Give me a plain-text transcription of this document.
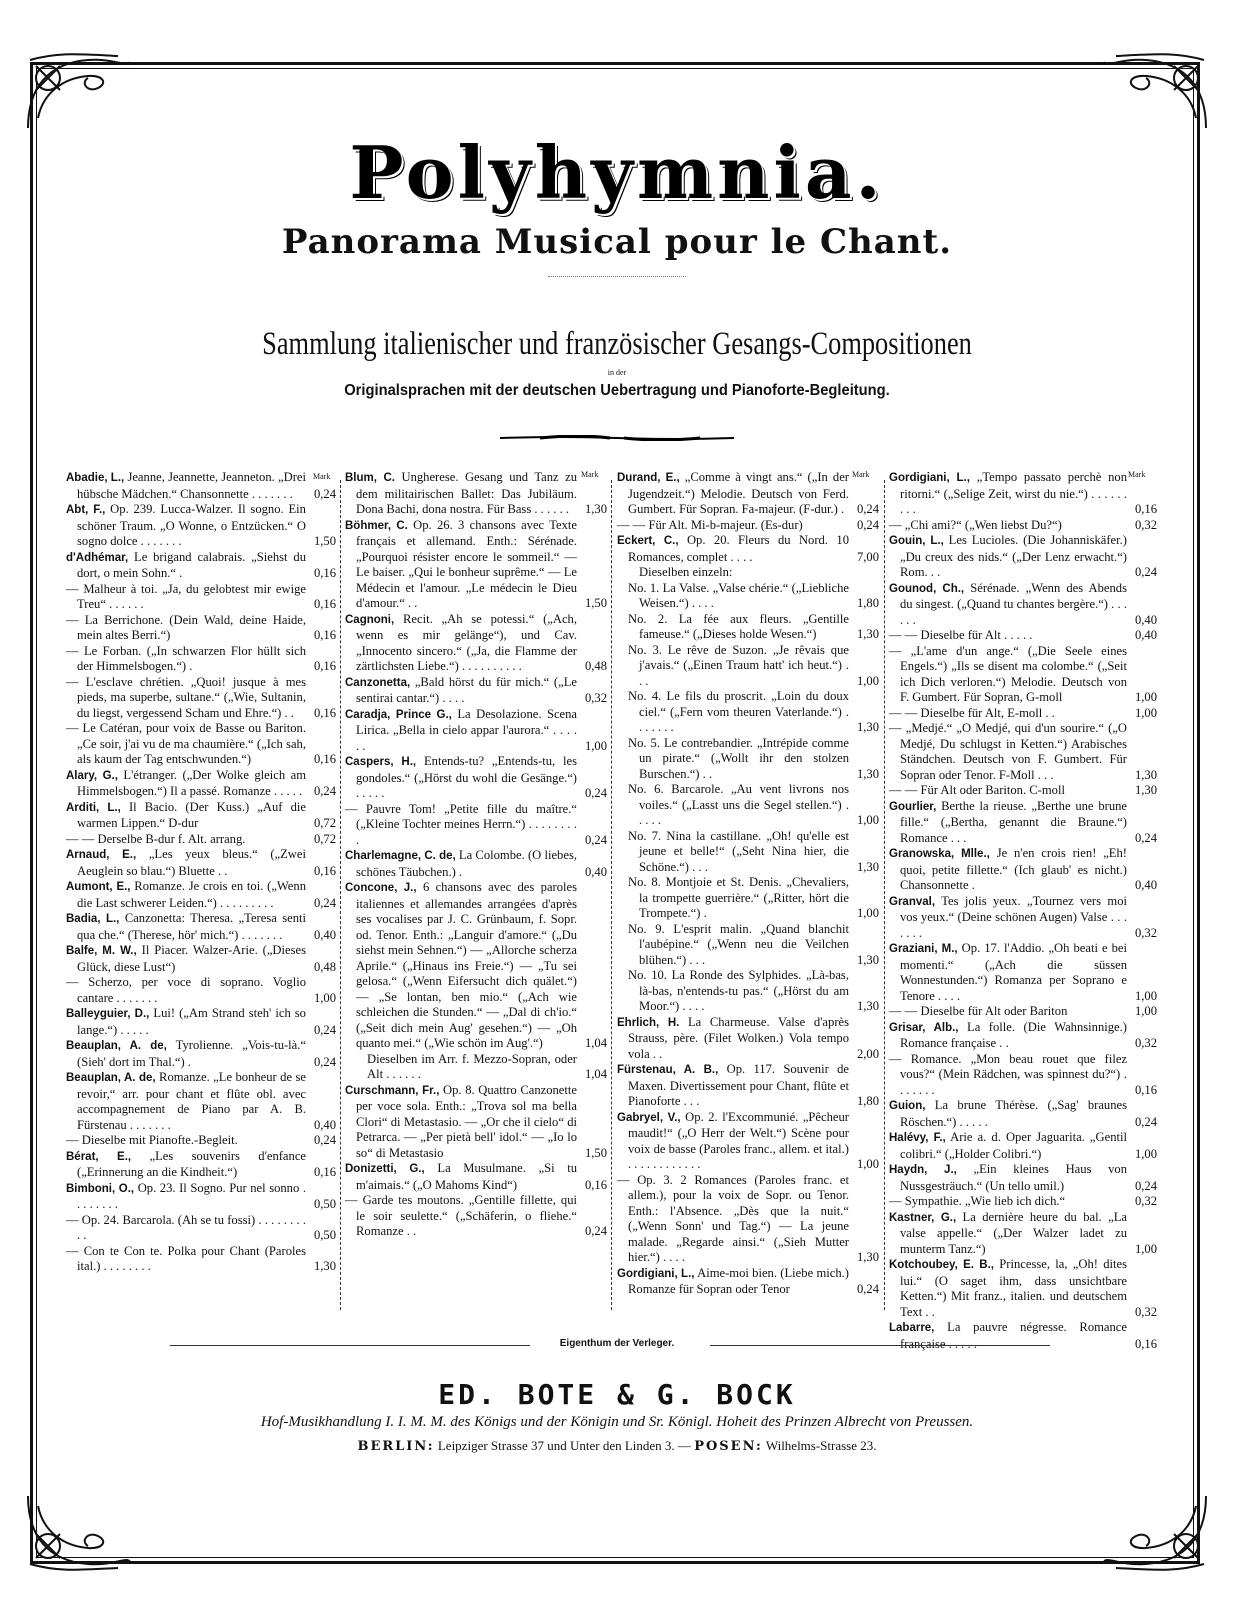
Polyhymnia.
Panorama Musical pour le Chant.
Sammlung italienischer und französischer Gesangs-Compositionen
in der
Originalsprachen mit der deutschen Uebertragung und Pianoforte-Begleitung.
Mark	Mark	Mark	Mark
Abadie, L., Jeanne, Jeannette, Jeanneton. „Drei hübsche Mädchen.“ Chansonnette . . . . . . .	0,24
Abt, F., Op. 239. Lucca-Walzer. Il sogno. Ein schöner Traum. „O Wonne, o Entzücken.“ O sogno dolce . . . . . . .	1,50
d'Adhémar, Le brigand calabrais. „Siehst du dort, o mein Sohn.“ .	0,16
— Malheur à toi. „Ja, du gelobtest mir ewige Treu“ . . . . . .	0,16
— La Berrichone. (Dein Wald, deine Haide, mein altes Berri.“)	0,16
— Le Forban. („In schwarzen Flor hüllt sich der Himmelsbogen.“) .	0,16
— L'esclave chrétien. „Quoi! jusque à mes pieds, ma superbe, sultane.“ („Wie, Sultanin, du liegst, vergessend Scham und Ehre.“) . .	0,16
— Le Catéran, pour voix de Basse ou Bariton. „Ce soir, j'ai vu de ma chaumière.“ („Ich sah, als kaum der Tag entschwunden.“)	0,16
Alary, G., L'étranger. („Der Wolke gleich am Himmelsbogen.“) Il a passé. Romanze . . . . . 0,24
Arditi, L., Il Bacio. (Der Kuss.) „Auf die warmen Lippen.“ D-dur	0,72
— — Derselbe B-dur f. Alt. arrang.	0,72
Arnaud, E., „Les yeux bleus.“ („Zwei Aeuglein so blau.“) Bluette . .	0,16
Aumont, E., Romanze. Je crois en toi. („Wenn die Last schwerer Leiden.“) . . . . . . . . .	0,24
Badia, L., Canzonetta: Theresa. „Teresa senti qua che.“ (Therese, hör' mich.“) . . . . . . .	0,40
Balfe, M. W., Il Piacer. Walzer-Arie. („Dieses Glück, diese Lust“)	0,48
— Scherzo, per voce di soprano. Voglio cantare . . . . . . .	1,00
Balleyguier, D., Lui! („Am Strand steh' ich so lange.“) . . . . .	0,24
Beauplan, A. de, Tyrolienne. „Vois-tu-là.“ (Sieh' dort im Thal.“) .	0,24
Beauplan, A. de, Romanze. „Le bonheur de se revoir,“ arr. pour chant et flûte obl. avec accompagnement de Piano par A. B. Fürstenau . . . . . . .	0,40
— Dieselbe mit Pianofte.-Begleit.	0,24
Bérat, E., „Les souvenirs d'enfance („Erinnerung an die Kindheit.“)	0,16
Bimboni, O., Op. 23. Il Sogno. Pur nel sonno . . . . . . . .	0,50
— Op. 24. Barcarola. (Ah se tu fossi) . . . . . . . . . .	0,50
— Con te Con te. Polka pour Chant (Paroles ital.) . . . . . . . .	1,30
Blum, C. Ungherese. Gesang und Tanz zu dem militairischen Ballet: Das Jubiläum. Dona Bachi, dona nostra. Für Bass . . . . . .	1,30
Böhmer, C. Op. 26. 3 chansons avec Texte français et allemand. Enth.: Sérénade. „Pourquoi résister encore le sommeil.“ — Le baiser. „Qui le bonheur suprême.“ — Le Médecin et l'amour. „Le médecin le Dieu d'amour.“ . .	1,50
Cagnoni, Recit. „Ah se potessi.“ („Ach, wenn es mir gelänge“), und Cav. „Innocento sincero.“ („Ja, die Flamme der zärtlichsten Liebe.“) . . . . . . . . . .	0,48
Canzonetta, „Bald hörst du für mich.“ („Le sentirai cantar.“) . . . .	0,32
Caradja, Prince G., La Desolazione. Scena Lirica. „Bella in cielo appar l'aurora.“ . . . . . .	1,00
Caspers, H., Entends-tu? „Entends-tu, les gondoles.“ („Hörst du wohl die Gesänge.“) . . . . .	0,24
— Pauvre Tom! „Petite fille du maître.“ („Kleine Tochter meines Herrn.“) . . . . . . . . .	0,24
Charlemagne, C. de, La Colombe. (O liebes, schönes Täubchen.) .	0,40
Concone, J., 6 chansons avec des paroles italiennes et allemandes arrangées d'après ses vocalises par J. C. Grünbaum, f. Sopr. od. Tenor. Enth.: „Languir d'amore.“ („Du siehst mein Sehnen.“) — „Allorche scherza Aprile.“ („Hinaus ins Freie.“) — „Tu sei gelosa.“ („Wenn Eifersucht dich quälet.“) — „Se lontan, ben mio.“ („Ach wie schleichen die Stunden.“ — „Dal di ch'io.“ („Seit dich mein Aug' gesehen.“) — „Oh quanto mei.“ („Wie schön im Aug'.“)	1,04
Dieselben im Arr. f. Mezzo-Sopran, oder Alt . . . . . .	1,04
Curschmann, Fr., Op. 8. Quattro Canzonette per voce sola. Enth.: „Trova sol ma bella Clori“ di Metastasio. — „Or che il cielo“ di Petrarca. — „Per pietà bell' idol.“ — „Io lo so“ di Metastasio	1,50
Donizetti, G., La Musulmane. „Si tu m'aimais.“ („O Mahoms Kind“)	0,16
— Garde tes moutons. „Gentille fillette, qui le soir seulette.“ („Schäferin, o fliehe.“ Romanze . .	0,24
Durand, E., „Comme à vingt ans.“ („In der Jugendzeit.“) Melodie. Deutsch von Ferd. Gumbert. Für Sopran. Fa-majeur. (F-dur.) .	0,24
— — Für Alt. Mi-b-majeur. (Es-dur)	0,24
Eckert, C., Op. 20. Fleurs du Nord. 10 Romances, complet . . . .	7,00
Dieselben einzeln:
No. 1. La Valse. „Valse chérie.“ („Liebliche Weisen.“) . . . .	1,80
No. 2. La fée aux fleurs. „Gentille fameuse.“ („Dieses holde Wesen.“)	1,30
No. 3. Le rêve de Suzon. „Je rêvais que j'avais.“ („Einen Traum hatt' ich heut.“) . . .	1,00
No. 4. Le fils du proscrit. „Loin du doux ciel.“ („Fern vom theuren Vaterlande.“) . . . . . . .	1,30
No. 5. Le contrebandier. „Intrépide comme un pirate.“ („Wollt ihr den stolzen Burschen.“) . .	1,30
No. 6. Barcarole. „Au vent livrons nos voiles.“ („Lasst uns die Segel stellen.“) . . . . .	1,00
No. 7. Nina la castillane. „Oh! qu'elle est jeune et belle!“ („Seht Nina hier, die Schöne.“) . . .	1,30
No. 8. Montjoie et St. Denis. „Chevaliers, la trompette guerrière.“ („Ritter, hört die Trompete.“) .	1,00
No. 9. L'esprit malin. „Quand blanchit l'aubépine.“ („Wenn neu die Veilchen blühen.“) . . .	1,30
No. 10. La Ronde des Sylphides. „Là-bas, là-bas, n'entends-tu pas.“ („Hörst du am Moor.“) . . . .	1,30
Ehrlich, H. La Charmeuse. Valse d'après Strauss, père. (Filet Wolken.) Vola tempo vola . .	2,00
Fürstenau, A. B., Op. 117. Souvenir de Maxen. Divertissement pour Chant, flûte et Pianoforte . . .	1,80
Gabryel, V., Op. 2. l'Excommunié. „Pêcheur maudit!“ („O Herr der Welt.“) Scène pour voix de basse (Paroles franc., allem. et ital.) . . . . . . . . . . . .	1,00
— Op. 3. 2 Romances (Paroles franc. et allem.), pour la voix de Sopr. ou Tenor. Enth.: l'Absence. „Dès que la nuit.“ („Wenn Sonn' und Tag.“) — La jeune malade. „Regarde ainsi.“ („Sieh Mutter hier.“) . . . .	1,30
Gordigiani, L., Aime-moi bien. (Liebe mich.) Romanze für Sopran oder Tenor	0,24
Gordigiani, L., „Tempo passato perchè non ritorni.“ („Selige Zeit, wirst du nie.“) . . . . . . . . .	0,16
— „Chi ami?“ („Wen liebst Du?“)	0,32
Gouin, L., Les Lucioles. (Die Johanniskäfer.) „Du creux des nids.“ („Der Lenz erwacht.“) Rom. . .	0,24
Gounod, Ch., Sérénade. „Wenn des Abends du singest. („Quand tu chantes bergère.“) . . . . . .	0,40
— — Dieselbe für Alt . . . . .	0,40
— „L'ame d'un ange.“ („Die Seele eines Engels.“) „Ils se disent ma colombe.“ („Seit ich Dich verloren.“) Melodie. Deutsch von F. Gumbert. Für Sopran, G-moll	1,00
— — Dieselbe für Alt, E-moll . .	1,00
— „Medjé.“ „O Medjé, qui d'un sourire.“ („O Medjé, Du schlugst in Ketten.“) Arabisches Ständchen. Deutsch von F. Gumbert. Für Sopran oder Tenor. F-Moll . . .	1,30
— — Für Alt oder Bariton. C-moll	1,30
Gourlier, Berthe la rieuse. „Berthe une brune fille.“ („Bertha, genannt die Braune.“) Romance . . .	0,24
Granowska, Mlle., Je n'en crois rien! „Eh! quoi, petite fillette.“ (Ich glaub' es nicht.) Chansonnette .	0,40
Granval, Tes jolis yeux. „Tournez vers moi vos yeux.“ (Deine schönen Augen) Valse . . . . . . .	0,32
Graziani, M., Op. 17. l'Addio. „Oh beati e bei momenti.“ („Ach die süssen Wonnestunden.“) Romanza per Soprano e Tenore . . . .	1,00
— — Dieselbe für Alt oder Bariton	1,00
Grisar, Alb., La folle. (Die Wahnsinnige.) Romance française . .	0,32
— Romance. „Mon beau rouet que filez vous?“ (Mein Rädchen, was spinnest du?“) . . . . . . .	0,16
Guion, La brune Thérèse. („Sag' braunes Röschen.“) . . . . .	0,24
Halévy, F., Arie a. d. Oper Jaguarita. „Gentil colibri.“ („Holder Colibri.“)	1,00
Haydn, J., „Ein kleines Haus von Nussgesträuch.“ (Un tello umil.)	0,24
— Sympathie. „Wie lieb ich dich.“	0,32
Kastner, G., La dernière heure du bal. „La valse appelle.“ („Der Walzer ladet zu munterm Tanz.“)	1,00
Kotchoubey, E. B., Princesse, la, „Oh! dites lui.“ (O saget ihm, dass unsichtbare Ketten.“) Mit franz., italien. und deutschem Text . .	0,32
Labarre, La pauvre négresse. Romance française . . . . .	0,16
Eigenthum der Verleger.
ED. BOTE & G. BOCK
Hof-Musikhandlung I. I. M. M. des Königs und der Königin und Sr. Königl. Hoheit des Prinzen Albrecht von Preussen.
BERLIN: Leipziger Strasse 37 und Unter den Linden 3. — POSEN: Wilhelms-Strasse 23.
